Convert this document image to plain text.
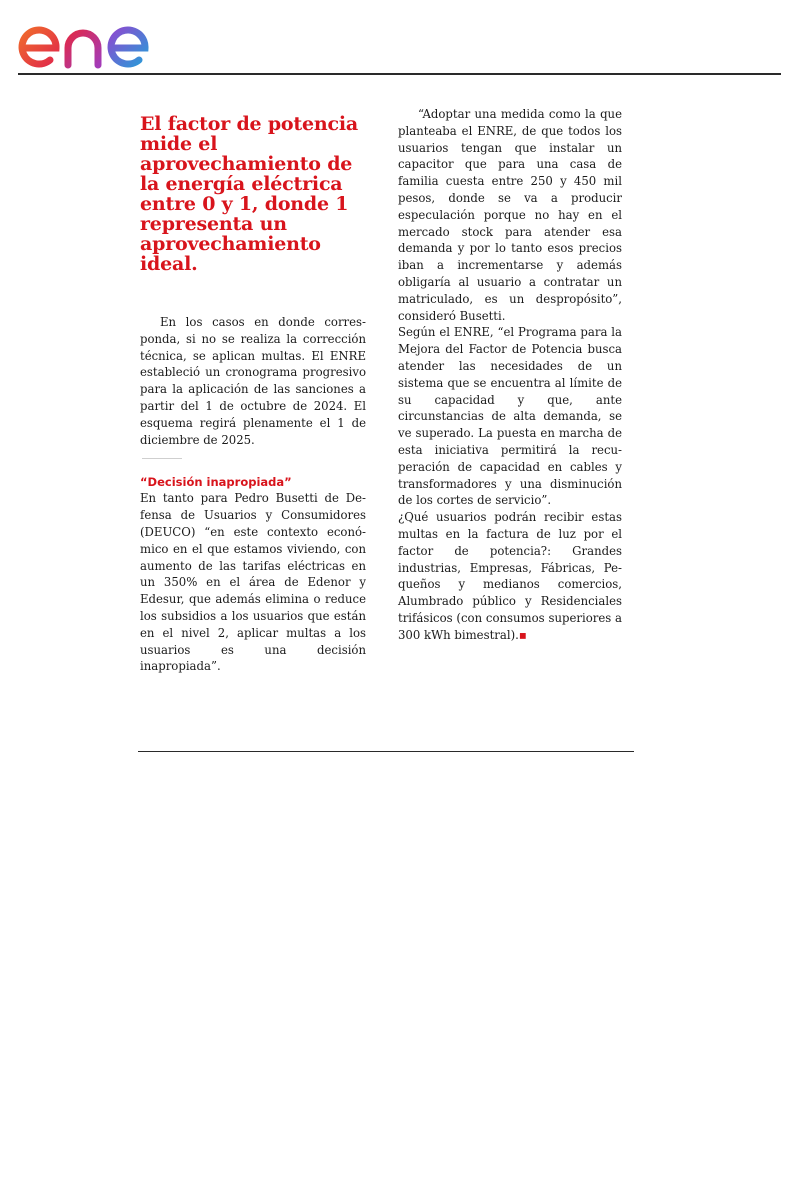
El factor de potencia mide el aprovechamiento de la energía eléctrica entre 0 y 1, donde 1 representa un aprovechamiento ideal.

En los casos en donde corresponda, si no se realiza la corrección técnica, se aplican multas. El ENRE estableció un cronograma progresivo para la aplicación de las sanciones a partir del 1 de octubre de 2024. El esquema regirá plenamente el 1 de diciembre de 2025.

“Decisión inapropiada”

En tanto para Pedro Busetti de Defensa de Usuarios y Consumidores (DEUCO) “en este contexto económico en el que estamos viviendo, con aumento de las tarifas eléctricas en un 350% en el área de Edenor y Edesur, que además elimina o reduce los subsidios a los usuarios que están en el nivel 2, aplicar multas a los usuarios es una decisión inapropiada”.

“Adoptar una medida como la que planteaba el ENRE, de que todos los usuarios tengan que instalar un capacitor que para una casa de familia cuesta entre 250 y 450 mil pesos, donde se va a producir especulación porque no hay en el mercado stock para atender esa demanda y por lo tanto esos precios iban a incrementarse y además obligaría al usuario a contratar un matriculado, es un despropósito”, consideró Busetti.

Según el ENRE, “el Programa para la Mejora del Factor de Potencia busca atender las necesidades de un sistema que se encuentra al límite de su capacidad y que, ante circunstancias de alta demanda, se ve superado. La puesta en marcha de esta iniciativa permitirá la recuperación de capacidad en cables y transformadores y una disminución de los cortes de servicio”.

¿Qué usuarios podrán recibir estas multas en la factura de luz por el factor de potencia?: Grandes industrias, Empresas, Fábricas, Pequeños y medianos comercios, Alumbrado público y Residenciales trifásicos (con consumos superiores a 300 kWh bimestral).▪
